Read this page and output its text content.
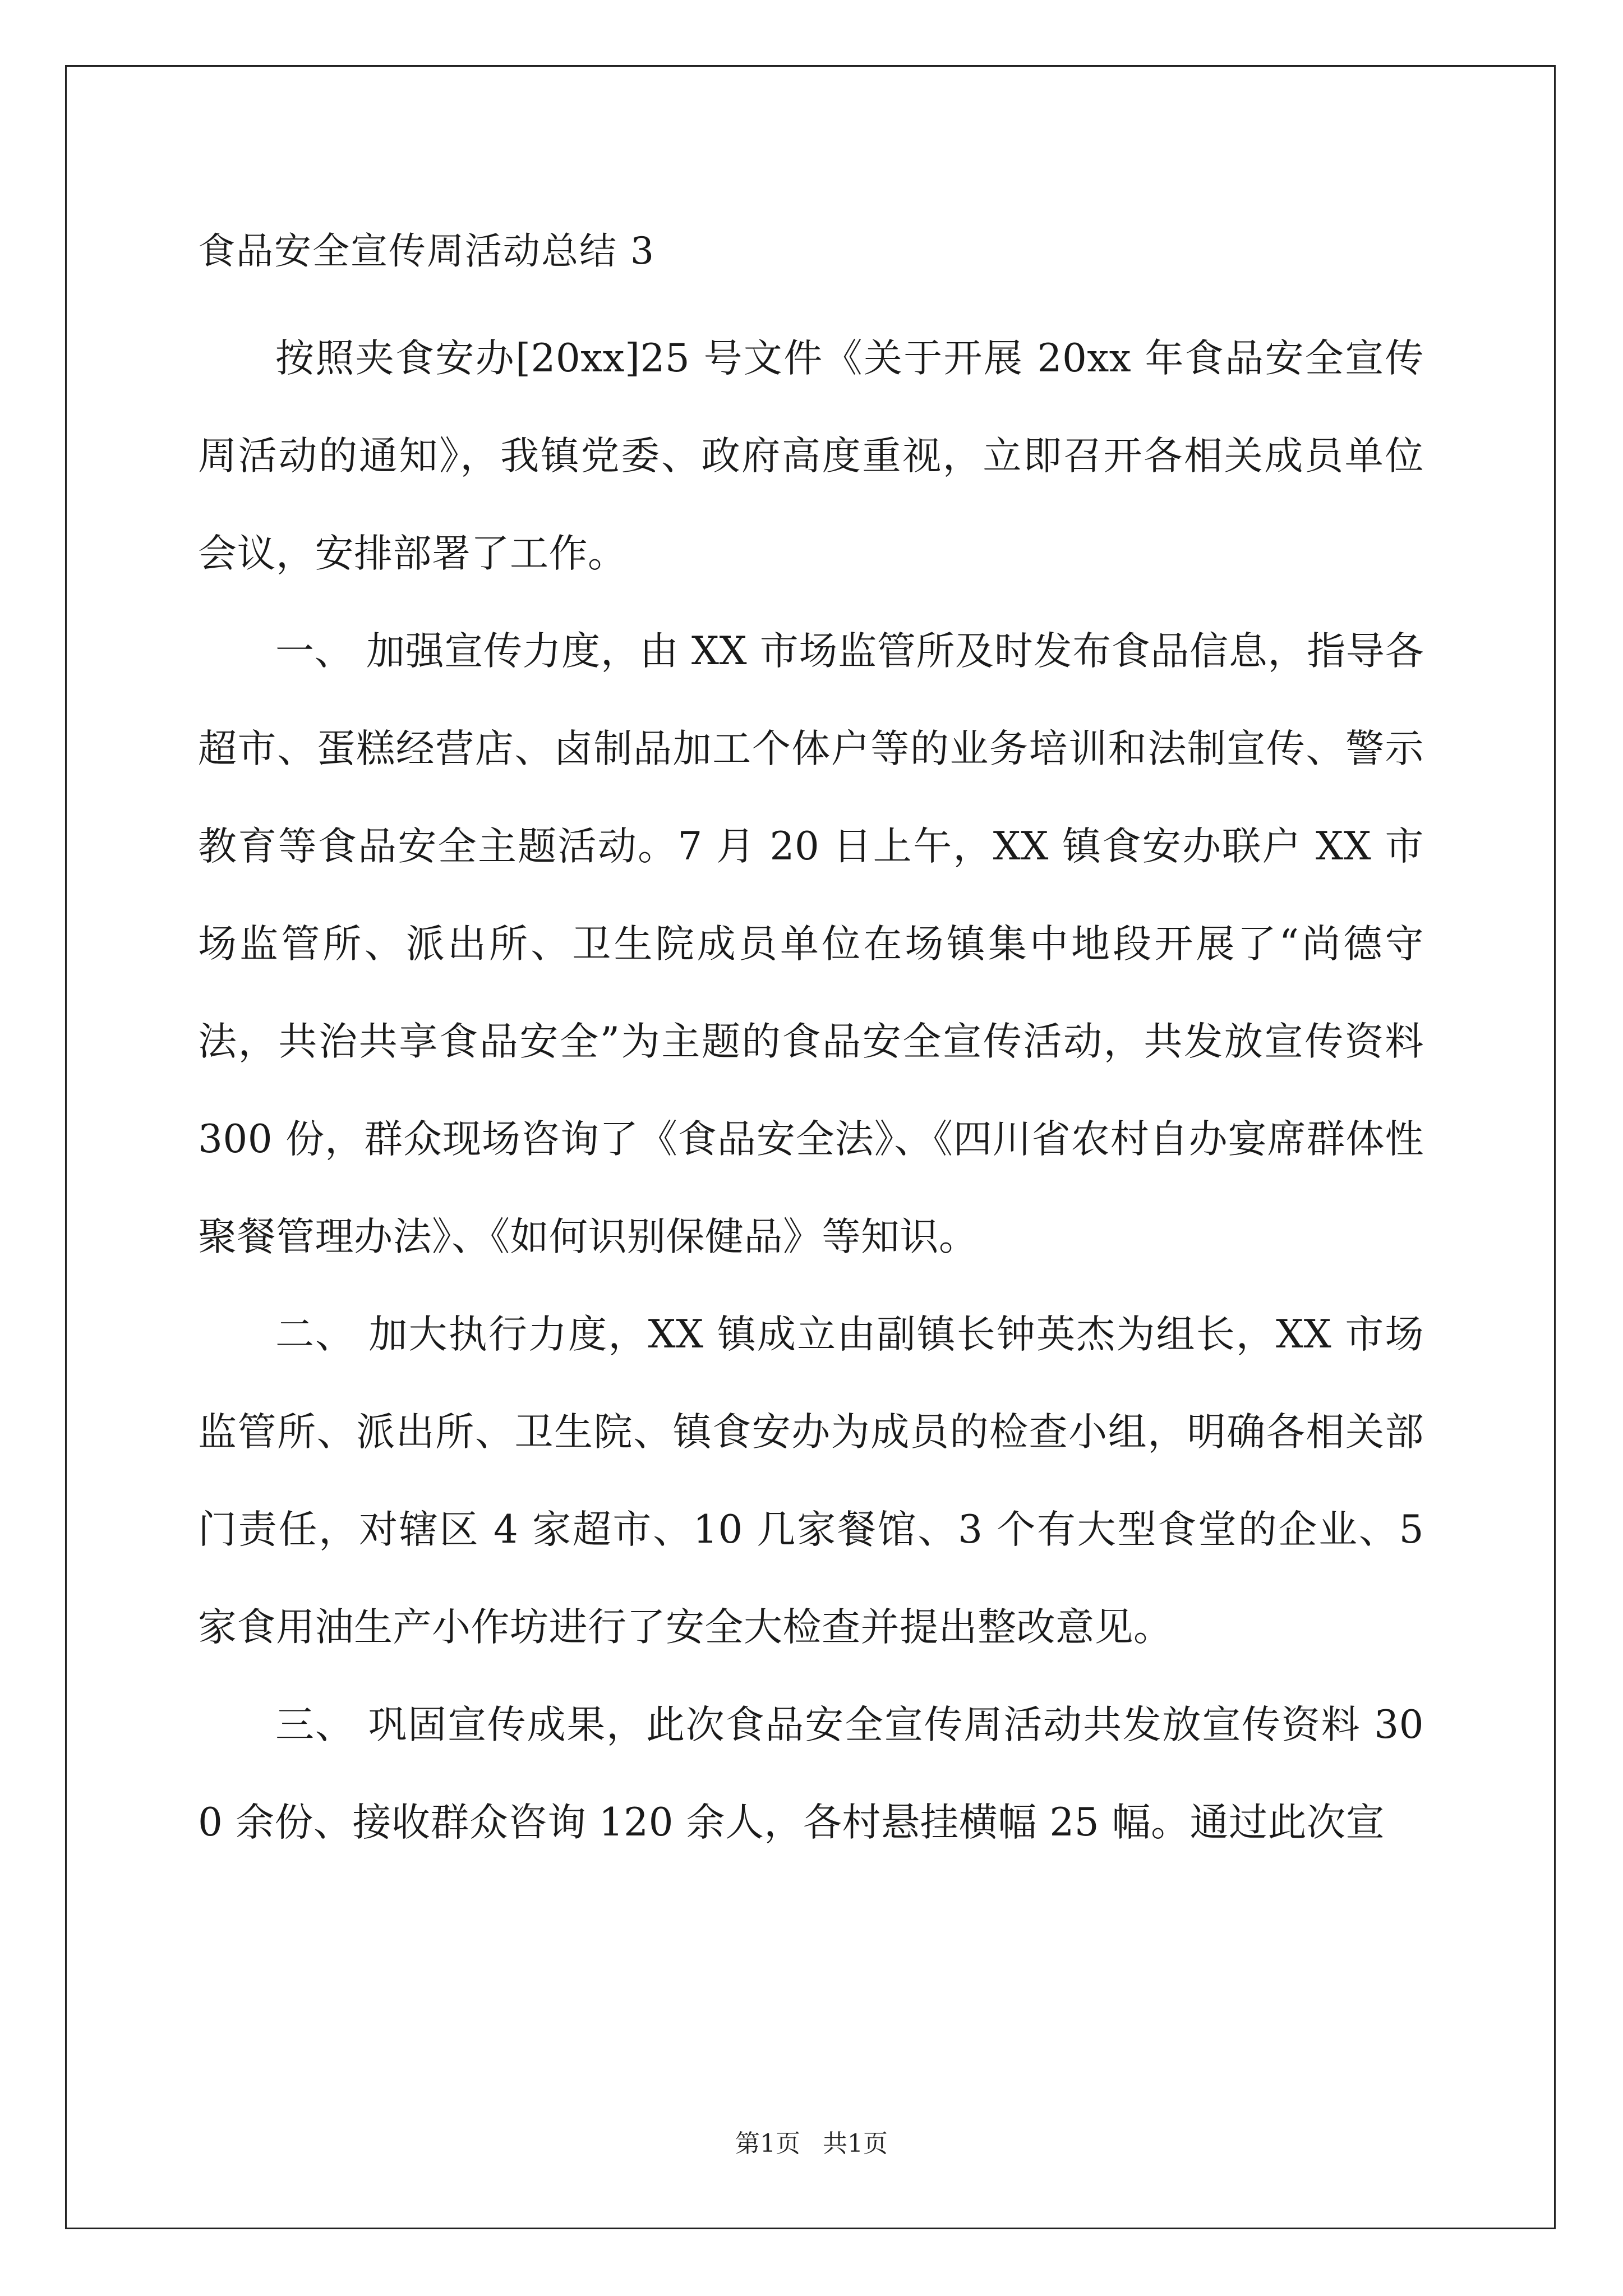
食品安全宣传周活动总结 3

按照夹食安办[20xx]25 号文件《关于开展 20xx 年食品安全宣传周活动的通知》，我镇党委、政府高度重视，立即召开各相关成员单位会议，安排部署了工作。

一、 加强宣传力度，由 XX 市场监管所及时发布食品信息，指导各超市、蛋糕经营店、卤制品加工个体户等的业务培训和法制宣传、警示教育等食品安全主题活动。7 月 20 日上午，XX 镇食安办联户 XX 市场监管所、派出所、卫生院成员单位在场镇集中地段开展了“尚德守法，共治共享食品安全”为主题的食品安全宣传活动，共发放宣传资料 300 份，群众现场咨询了《食品安全法》、《四川省农村自办宴席群体性聚餐管理办法》、《如何识别保健品》等知识。

二、 加大执行力度，XX 镇成立由副镇长钟英杰为组长，XX 市场监管所、派出所、卫生院、镇食安办为成员的检查小组，明确各相关部门责任，对辖区 4 家超市、10 几家餐馆、3 个有大型食堂的企业、5 家食用油生产小作坊进行了安全大检查并提出整改意见。

三、 巩固宣传成果，此次食品安全宣传周活动共发放宣传资料 300 余份、接收群众咨询 120 余人，各村悬挂横幅 25 幅。通过此次宣

第1页 共1页
